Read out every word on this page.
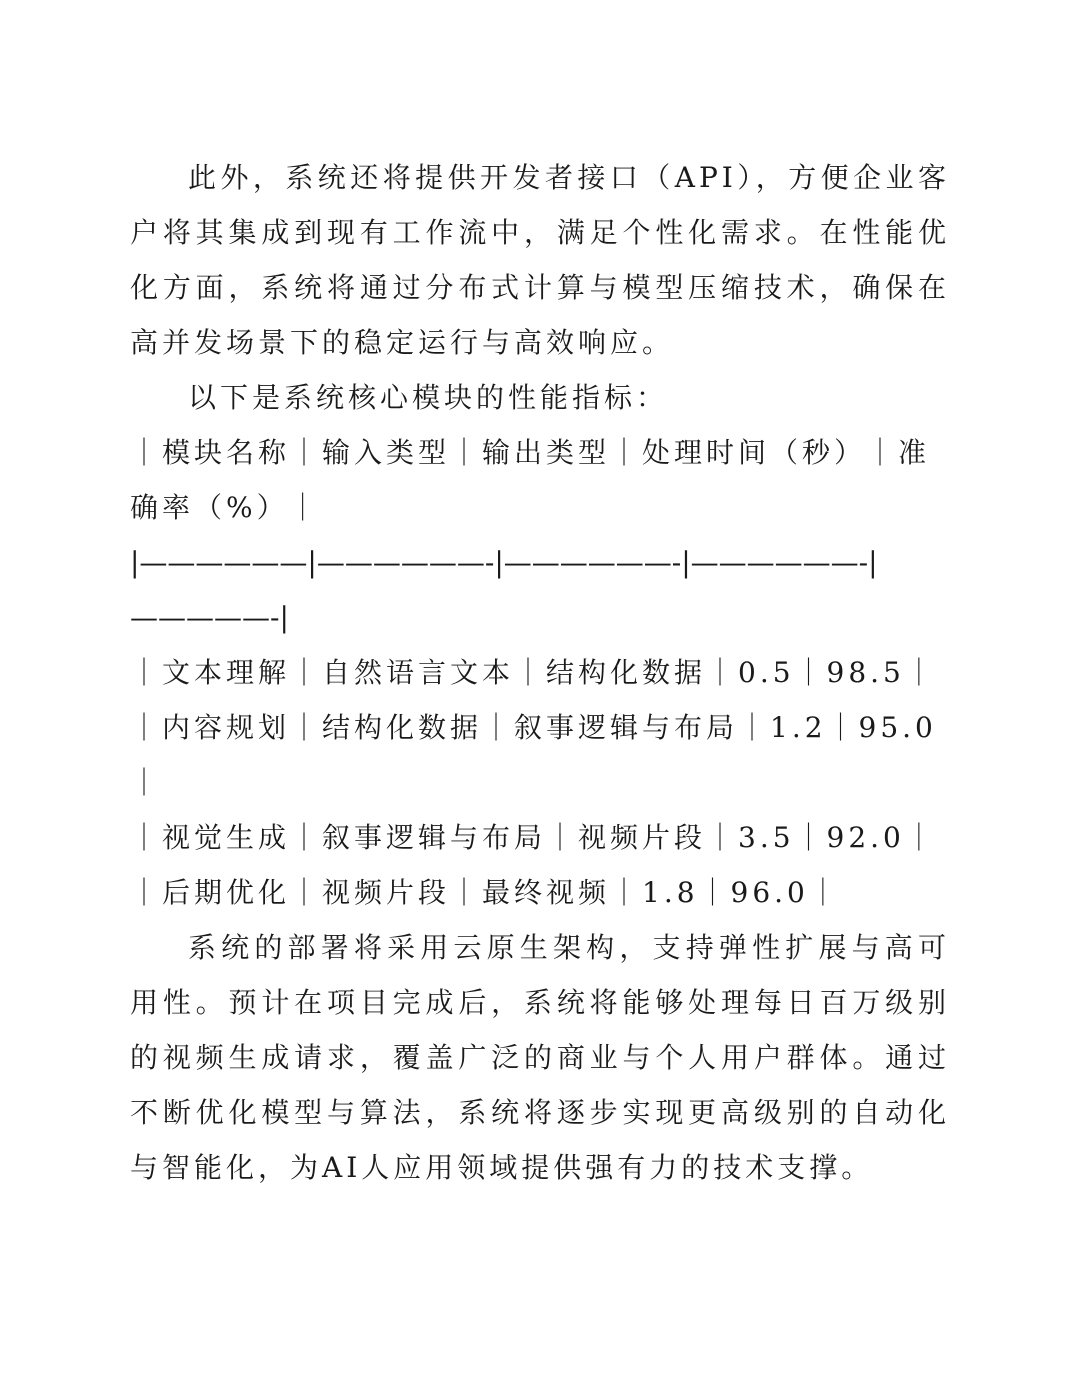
此外，系统还将提供开发者接口（API），方便企业客户将其集成到现有工作流中，满足个性化需求。在性能优化方面，系统将通过分布式计算与模型压缩技术，确保在高并发场景下的稳定运行与高效响应。

以下是系统核心模块的性能指标：

｜模块名称｜输入类型｜输出类型｜处理时间（秒）｜准确率（%）｜

|——————|——————-|——————-|——————-|—————-|

｜文本理解｜自然语言文本｜结构化数据｜0.5｜98.5｜

｜内容规划｜结构化数据｜叙事逻辑与布局｜1.2｜95.0｜

｜视觉生成｜叙事逻辑与布局｜视频片段｜3.5｜92.0｜

｜后期优化｜视频片段｜最终视频｜1.8｜96.0｜

系统的部署将采用云原生架构，支持弹性扩展与高可用性。预计在项目完成后，系统将能够处理每日百万级别的视频生成请求，覆盖广泛的商业与个人用户群体。通过不断优化模型与算法，系统将逐步实现更高级别的自动化与智能化，为AI人应用领域提供强有力的技术支撑。
